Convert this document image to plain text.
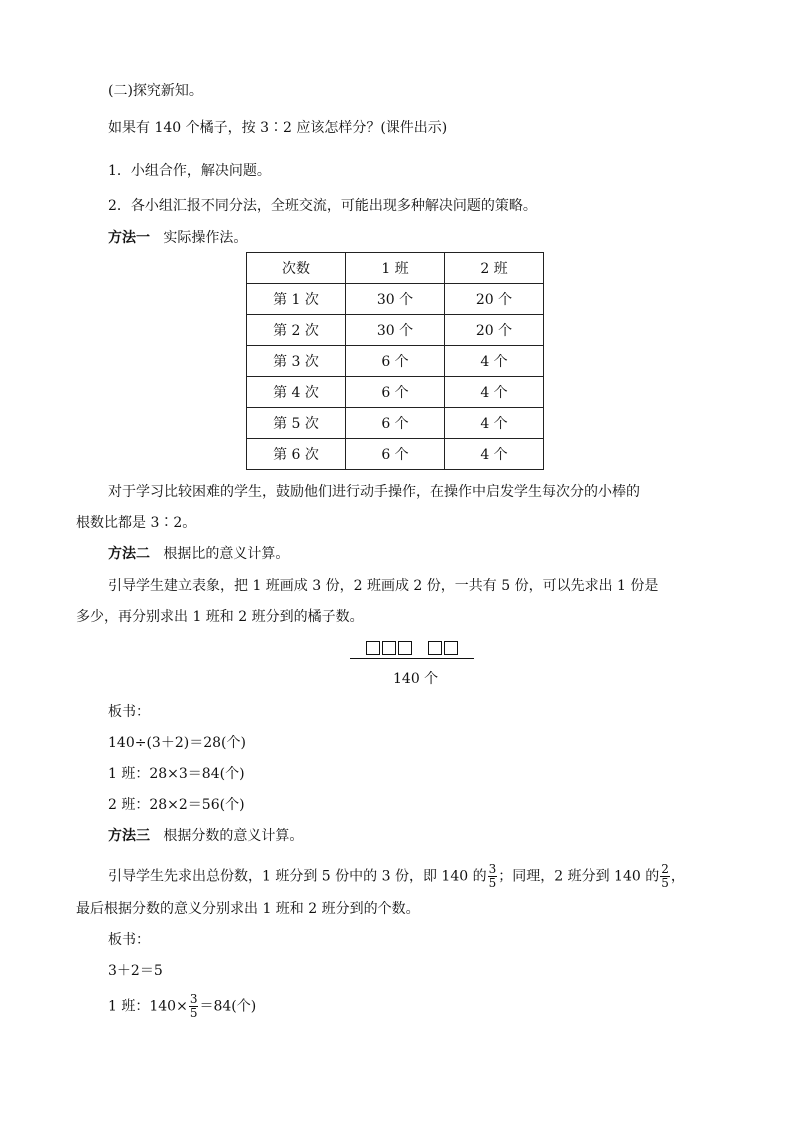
(二)探究新知。
如果有 140 个橘子，按 3∶2 应该怎样分？(课件出示)
1．小组合作，解决问题。
2．各小组汇报不同分法，全班交流，可能出现多种解决问题的策略。
方法一 实际操作法。
次数	1 班	2 班
第 1 次	30 个	20 个
第 2 次	30 个	20 个
第 3 次	6 个	4 个
第 4 次	6 个	4 个
第 5 次	6 个	4 个
第 6 次	6 个	4 个
对于学习比较困难的学生，鼓励他们进行动手操作，在操作中启发学生每次分的小棒的
根数比都是 3∶2。
方法二 根据比的意义计算。
引导学生建立表象，把 1 班画成 3 份，2 班画成 2 份，一共有 5 份，可以先求出 1 份是
多少，再分别求出 1 班和 2 班分到的橘子数。
140 个
板书：
140÷(3＋2)＝28(个)
1 班：28×3＝84(个)
2 班：28×2＝56(个)
方法三 根据分数的意义计算。
引导学生先求出总份数，1 班分到 5 份中的 3 份，即 140 的 $\frac{3}{5}$ ；同理，2 班分到 140 的 $\frac{2}{5}$ ，
最后根据分数的意义分别求出 1 班和 2 班分到的个数。
板书：
3＋2＝5
1 班：$140\times \frac{3}{5} =84$(个)
